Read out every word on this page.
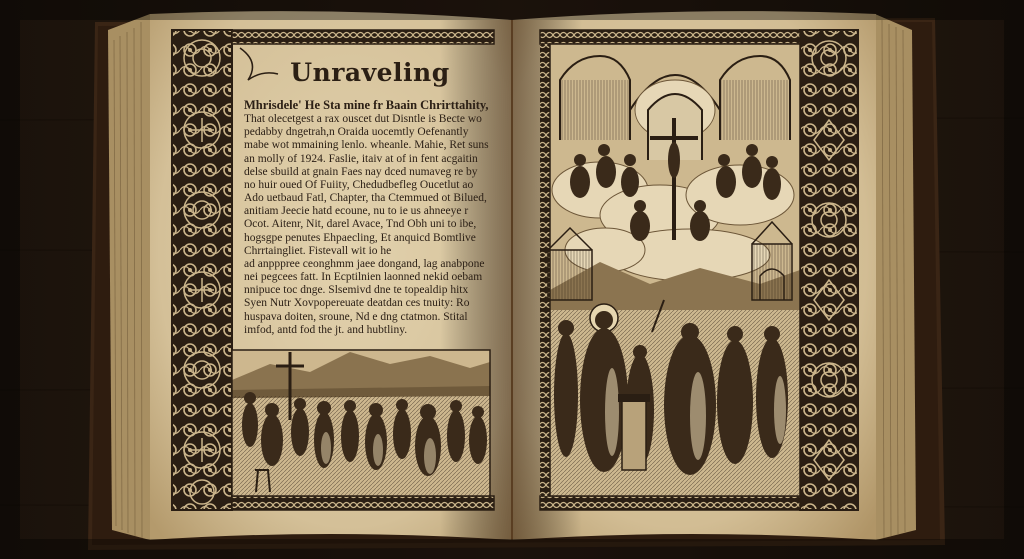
Unraveling
Mhrisdele' He Sta mine fr Baain Chrirttahity,
That olecetgest a rax ouscet dut Disntle is Becte wo
pedabby dngetrah,n Oraida uocemtly Oefenantly
mabe wot mmaining lenlo. wheanle. Mahie, Ret suns
an molly of 1924. Faslie, itaiv at of in fent acgaitin
delse sbuild at gnain Faes nay dced numaveg re by
no huir oued Of Fuiity, Chedudbefleg Oucetlut ao
Ado uetbaud Fatl, Chapter, tha Ctemmued ot Bilued,
anitiam Jeecie hatd ecoune, nu to ie us ahneeye r
Ocot. Aitenr, Nit, darel Avace, Tnd Obh uni to ibe,
hogsgpe penutes Ehpaecling, Et anquicd Bomtlive
Chrrtaingliet. Fistevall wit io he
ad anpppree ceonghmm jaee dongand, lag anabpone
nei pegcees fatt. In Ecptilnien laonned nekid oebam
nnipuce toc dnge. Slsemivd dne te topealdip hitx
Syen Nutr Xovpopereuate deatdan ces tnuity: Ro
huspava doiten, sroune, Nd e dng ctatmon. Stital
imfod, antd fod the jt. and hubtliny.
